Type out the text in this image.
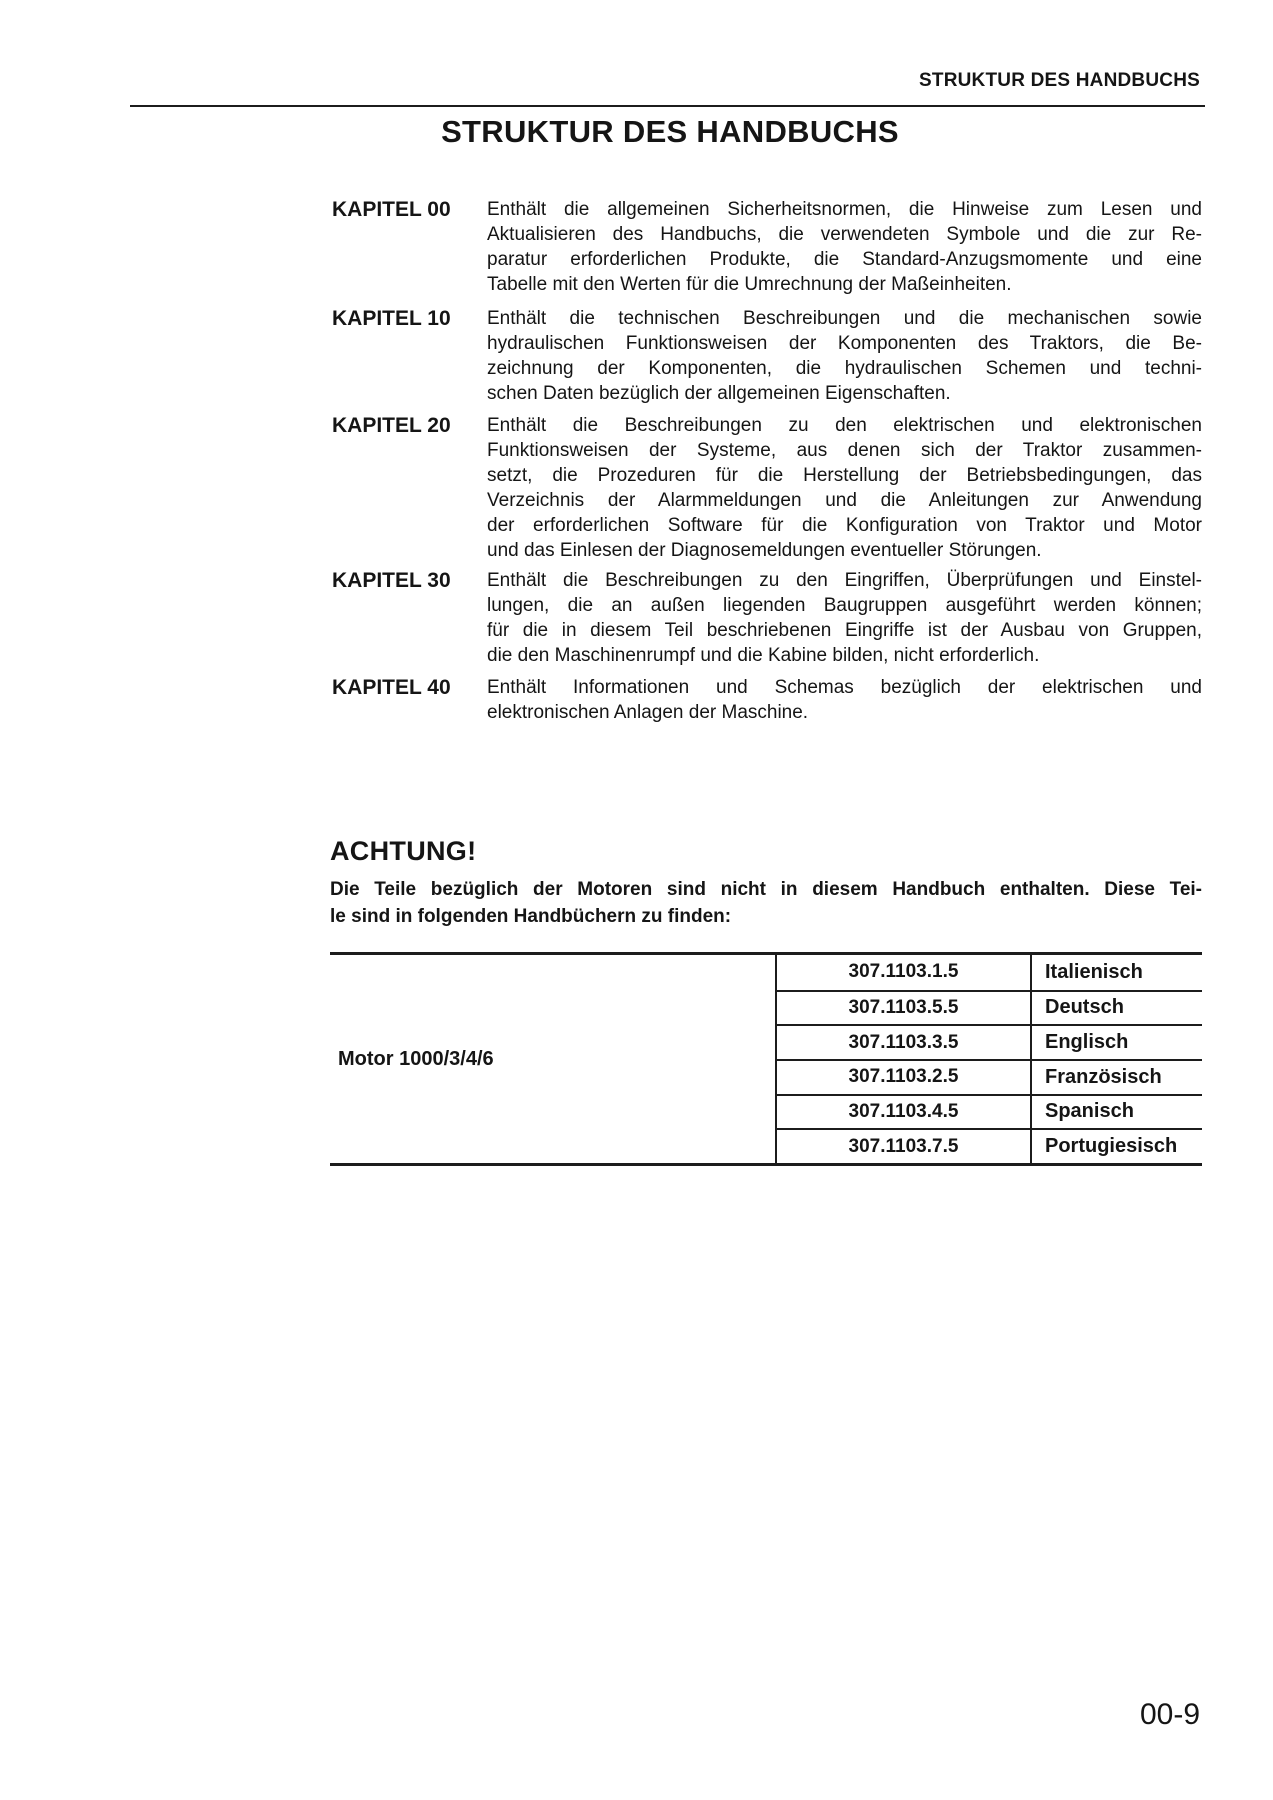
STRUKTUR DES HANDBUCHS
STRUKTUR DES HANDBUCHS
KAPITEL 00 Enthält die allgemeinen Sicherheitsnormen, die Hinweise zum Lesen und
Aktualisieren des Handbuchs, die verwendeten Symbole und die zur Re-
paratur erforderlichen Produkte, die Standard-Anzugsmomente und eine
Tabelle mit den Werten für die Umrechnung der Maßeinheiten.
KAPITEL 10 Enthält die technischen Beschreibungen und die mechanischen sowie
hydraulischen Funktionsweisen der Komponenten des Traktors, die Be-
zeichnung der Komponenten, die hydraulischen Schemen und techni-
schen Daten bezüglich der allgemeinen Eigenschaften.
KAPITEL 20 Enthält die Beschreibungen zu den elektrischen und elektronischen
Funktionsweisen der Systeme, aus denen sich der Traktor zusammen-
setzt, die Prozeduren für die Herstellung der Betriebsbedingungen, das
Verzeichnis der Alarmmeldungen und die Anleitungen zur Anwendung
der erforderlichen Software für die Konfiguration von Traktor und Motor
und das Einlesen der Diagnosemeldungen eventueller Störungen.
KAPITEL 30 Enthält die Beschreibungen zu den Eingriffen, Überprüfungen und Einstel-
lungen, die an außen liegenden Baugruppen ausgeführt werden können;
für die in diesem Teil beschriebenen Eingriffe ist der Ausbau von Gruppen,
die den Maschinenrumpf und die Kabine bilden, nicht erforderlich.
KAPITEL 40 Enthält Informationen und Schemas bezüglich der elektrischen und
elektronischen Anlagen der Maschine.
ACHTUNG!
Die Teile bezüglich der Motoren sind nicht in diesem Handbuch enthalten. Diese Tei-
le sind in folgenden Handbüchern zu finden:
Motor 1000/3/4/6
307.1103.1.5	Italienisch
307.1103.5.5	Deutsch
307.1103.3.5	Englisch
307.1103.2.5	Französisch
307.1103.4.5	Spanisch
307.1103.7.5	Portugiesisch
00-9
